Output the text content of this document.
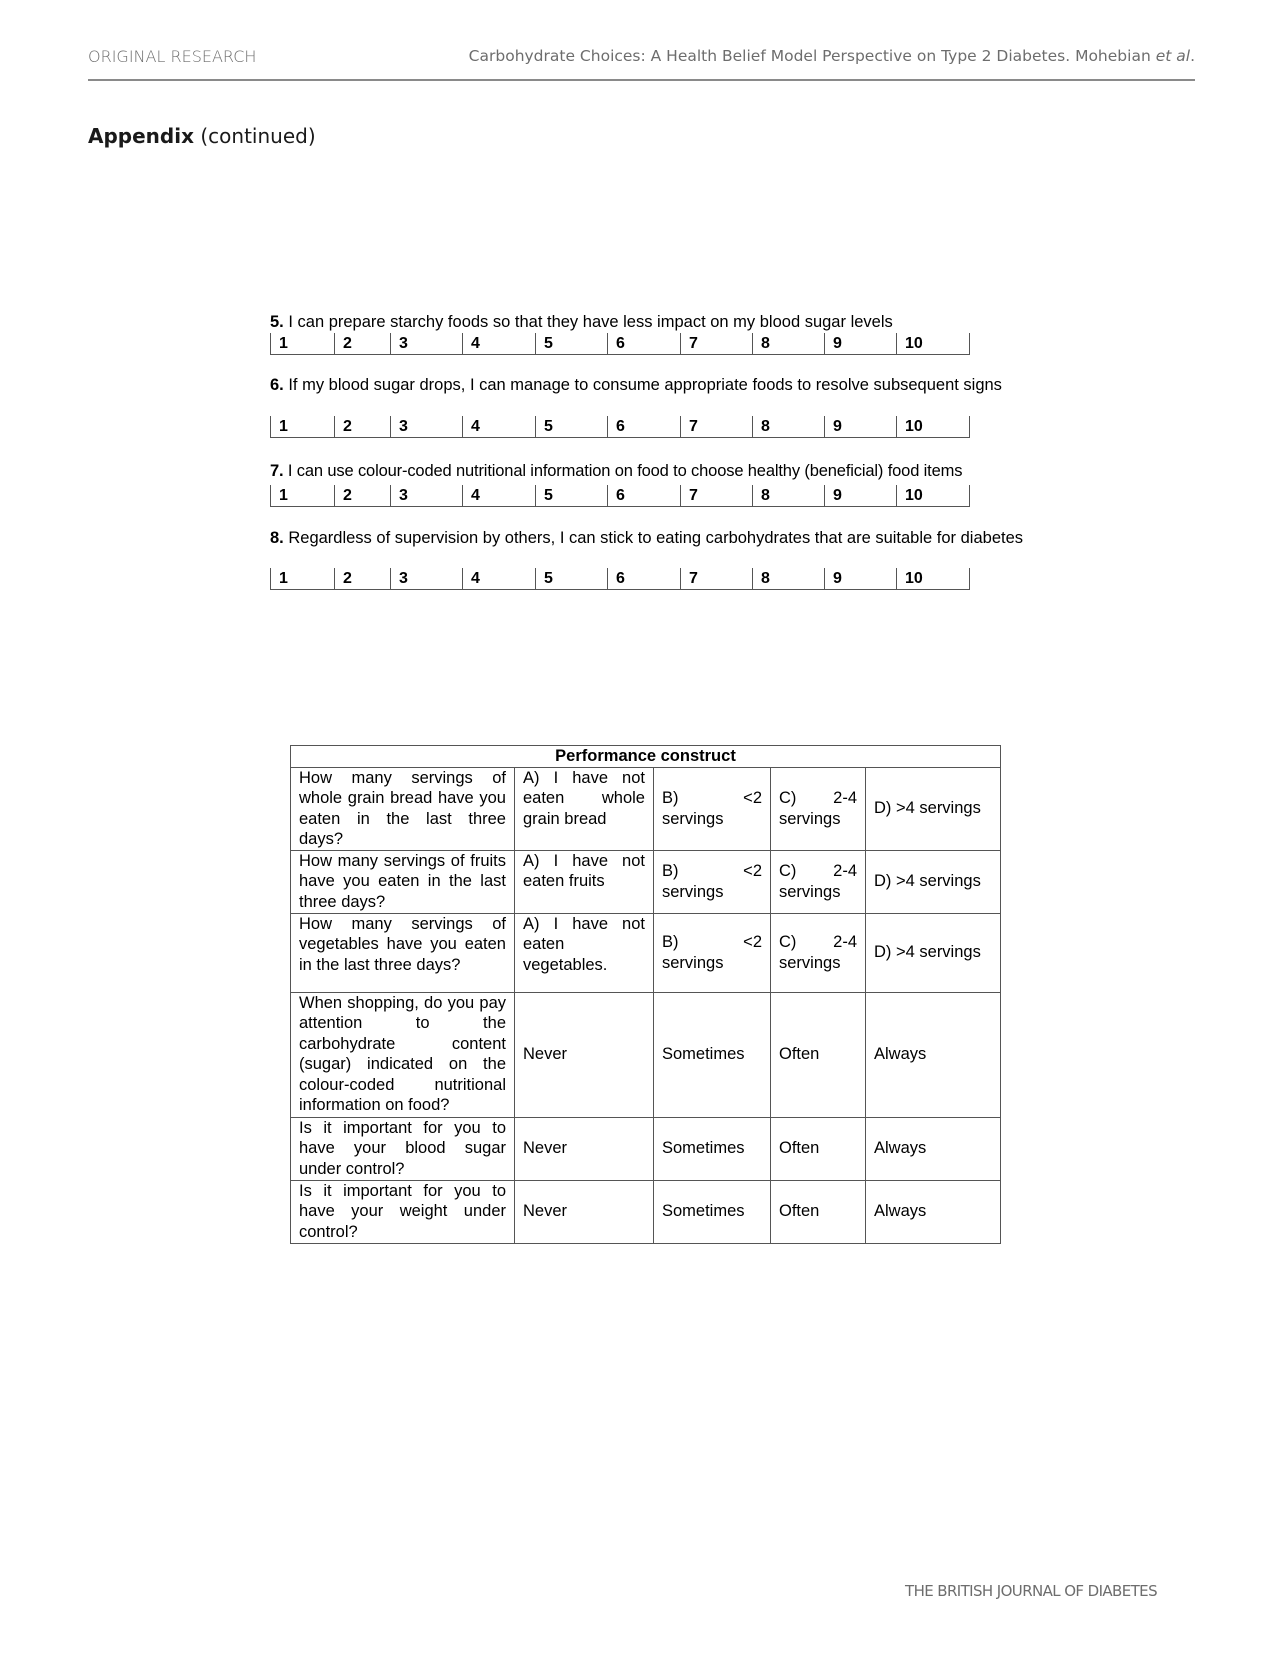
ORIGINAL RESEARCH	Carbohydrate Choices: A Health Belief Model Perspective on Type 2 Diabetes. Mohebian et al.
Appendix (continued)
5. I can prepare starchy foods so that they have less impact on my blood sugar levels
1	2	3	4	5	6	7	8	9	10
6. If my blood sugar drops, I can manage to consume appropriate foods to resolve subsequent signs
1	2	3	4	5	6	7	8	9	10
7. I can use colour-coded nutritional information on food to choose healthy (beneficial) food items
1	2	3	4	5	6	7	8	9	10
8. Regardless of supervision by others, I can stick to eating carbohydrates that are suitable for diabetes
1	2	3	4	5	6	7	8	9	10
Performance construct				
How many servings of whole grain bread have you eaten in the last three days?	A) I have not eaten whole grain bread	B) <2 servings	C) 2-4 servings	D) >4 servings
How many servings of fruits have you eaten in the last three days?	A) I have not eaten fruits	B) <2 servings	C) 2-4 servings	D) >4 servings
How many servings of vegetables have you eaten in the last three days?	A) I have not eaten vegetables.	B) <2 servings	C) 2-4 servings	D) >4 servings
When shopping, do you pay attention to the carbohydrate content (sugar) indicated on the colour-coded nutritional information on food?	Never	Sometimes	Often	Always
Is it important for you to have your blood sugar under control?	Never	Sometimes	Often	Always
Is it important for you to have your weight under control?	Never	Sometimes	Often	Always
THE BRITISH JOURNAL OF DIABETES
